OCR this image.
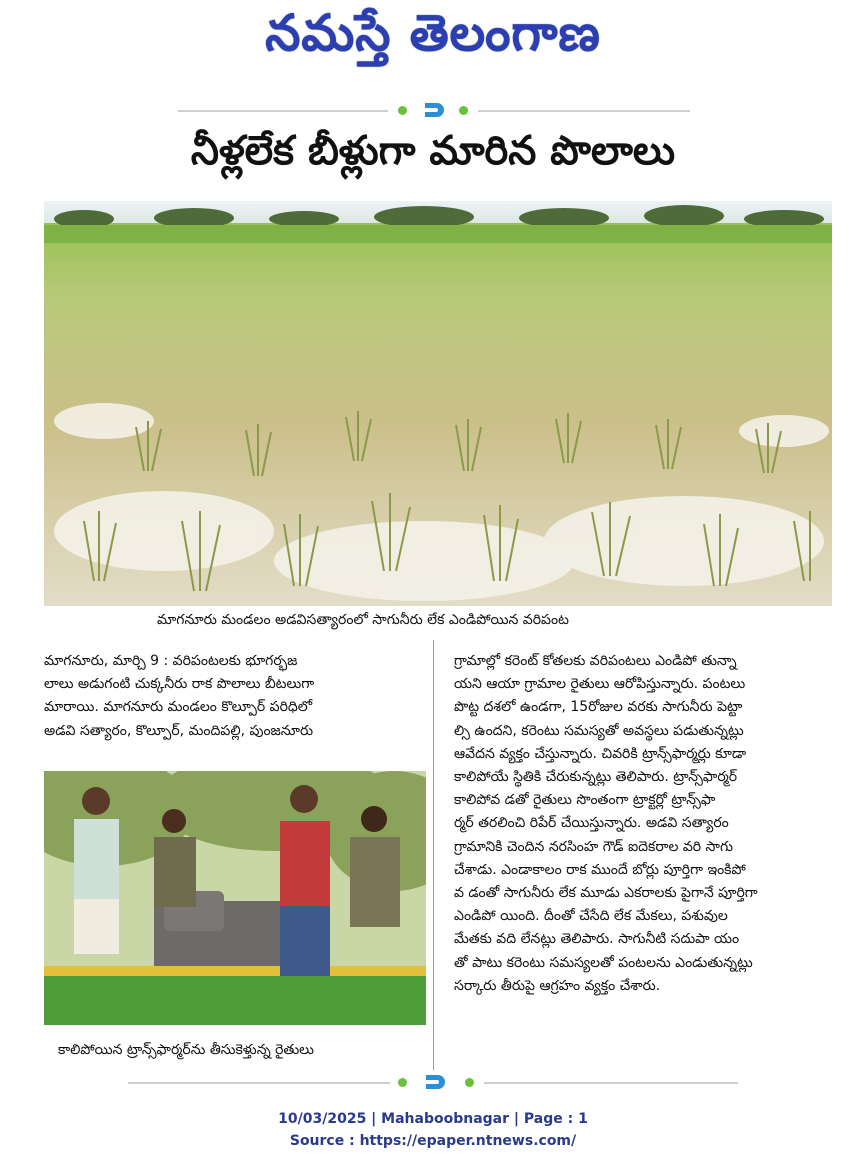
నమస్తే తెలంగాణ
నీళ్లలేక బీళ్లుగా మారిన పొలాలు
మాగనూరు మండలం అడవిసత్యారంలో సాగునీరు లేక ఎండిపోయిన వరిపంట
మాగనూరు, మార్చి 9 : వరిపంటలకు భూగర్భజ
లాలు అడుగంటి చుక్కనీరు రాక పొలాలు బీటలుగా
మారాయి. మాగనూరు మండలం కొల్పూర్ పరిధిలో
అడవి సత్యారం, కొల్పూర్, మందిపల్లి, పుంజనూరు
కాలిపోయిన ట్రాన్స్‌ఫార్మర్‌ను తీసుకెళ్తున్న రైతులు
గ్రామాల్లో కరెంట్ కోతలకు వరిపంటలు ఎండిపో తున్నా
యని ఆయా గ్రామాల రైతులు ఆరోపిస్తున్నారు. పంటలు
పొట్ట దశలో ఉండగా, 15రోజుల వరకు సాగునీరు పెట్టా
ల్సి ఉందని, కరెంటు సమస్యతో అవస్థలు పడుతున్నట్లు
ఆవేదన వ్యక్తం చేస్తున్నారు. చివరికి ట్రాన్స్‌ఫార్మర్లు కూడా
కాలిపోయే స్థితికి చేరుకున్నట్లు తెలిపారు. ట్రాన్స్‌ఫార్మర్
కాలిపోవ డతో రైతులు సొంతంగా ట్రాక్టర్లో ట్రాన్స్‌ఫా
ర్మర్ తరలించి రిపేర్ చేయిస్తున్నారు. అడవి సత్యారం
గ్రామానికి చెందిన నరసింహ గౌడ్ ఐదెకరాల వరి సాగు
చేశాడు. ఎండాకాలం రాక ముందే బోర్లు పూర్తిగా ఇంకిపో
వ డంతో సాగునీరు లేక మూడు ఎకరాలకు పైగానే పూర్తిగా
ఎండిపో యింది. దీంతో చేసేది లేక మేకలు, పశువుల
మేతకు వది లేనట్లు తెలిపారు. సాగునీటి సదుపా యం
తో పాటు కరెంటు సమస్యలతో పంటలను ఎండుతున్నట్లు
సర్కారు తీరుపై ఆగ్రహం వ్యక్తం చేశారు.
10/03/2025 | Mahaboobnagar | Page : 1
Source : https://epaper.ntnews.com/
